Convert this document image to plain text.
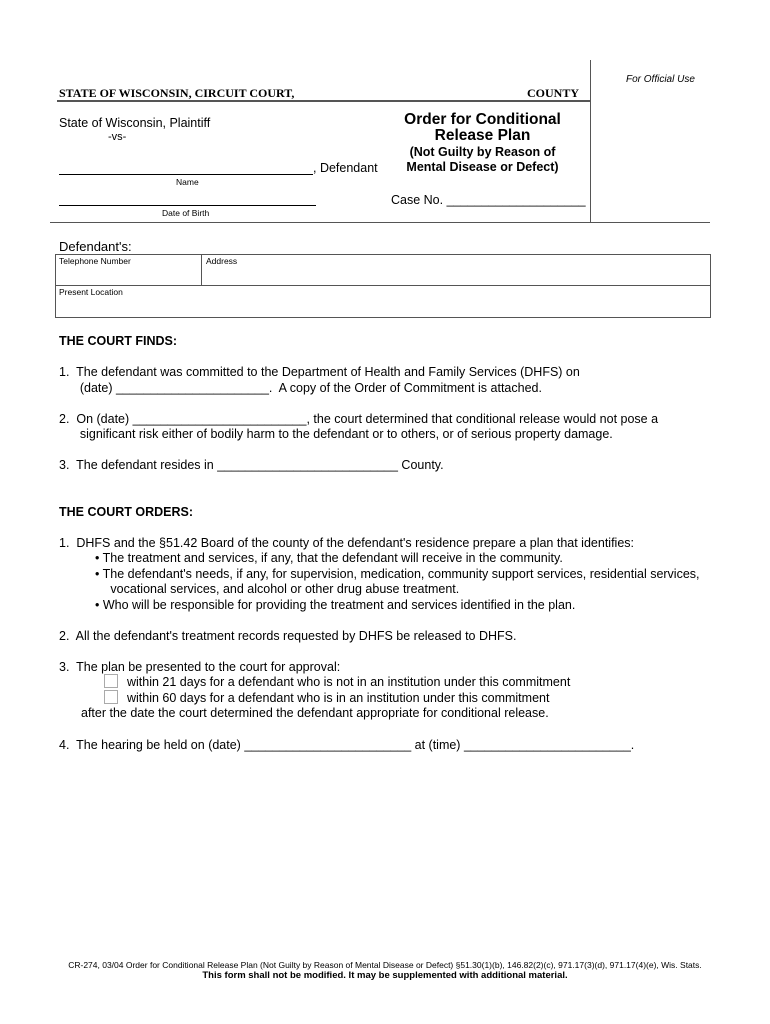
STATE OF WISCONSIN, CIRCUIT COURT,	COUNTY
For Official Use
State of Wisconsin, Plaintiff
-vs-
, Defendant
Name
Date of Birth
Order for Conditional
Release Plan
(Not Guilty by Reason of
Mental Disease or Defect)
Case No. ____________________
Defendant's:
Telephone Number	Address
Present Location
THE COURT FINDS:
1.  The defendant was committed to the Department of Health and Family Services (DHFS) on
(date) ______________________.  A copy of the Order of Commitment is attached.
2.  On (date) _________________________, the court determined that conditional release would not pose a
significant risk either of bodily harm to the defendant or to others, or of serious property damage.
3.  The defendant resides in __________________________ County.
THE COURT ORDERS:
1.  DHFS and the §51.42 Board of the county of the defendant's residence prepare a plan that identifies:
• The treatment and services, if any, that the defendant will receive in the community.
• The defendant's needs, if any, for supervision, medication, community support services, residential services,
vocational services, and alcohol or other drug abuse treatment.
• Who will be responsible for providing the treatment and services identified in the plan.
2.  All the defendant's treatment records requested by DHFS be released to DHFS.
3.  The plan be presented to the court for approval:
within 21 days for a defendant who is not in an institution under this commitment
within 60 days for a defendant who is in an institution under this commitment
after the date the court determined the defendant appropriate for conditional release.
4.  The hearing be held on (date) ________________________ at (time) ________________________.
CR-274, 03/04 Order for Conditional Release Plan (Not Guilty by Reason of Mental Disease or Defect) §51.30(1)(b), 146.82(2)(c), 971.17(3)(d), 971.17(4)(e), Wis. Stats.
This form shall not be modified. It may be supplemented with additional material.
